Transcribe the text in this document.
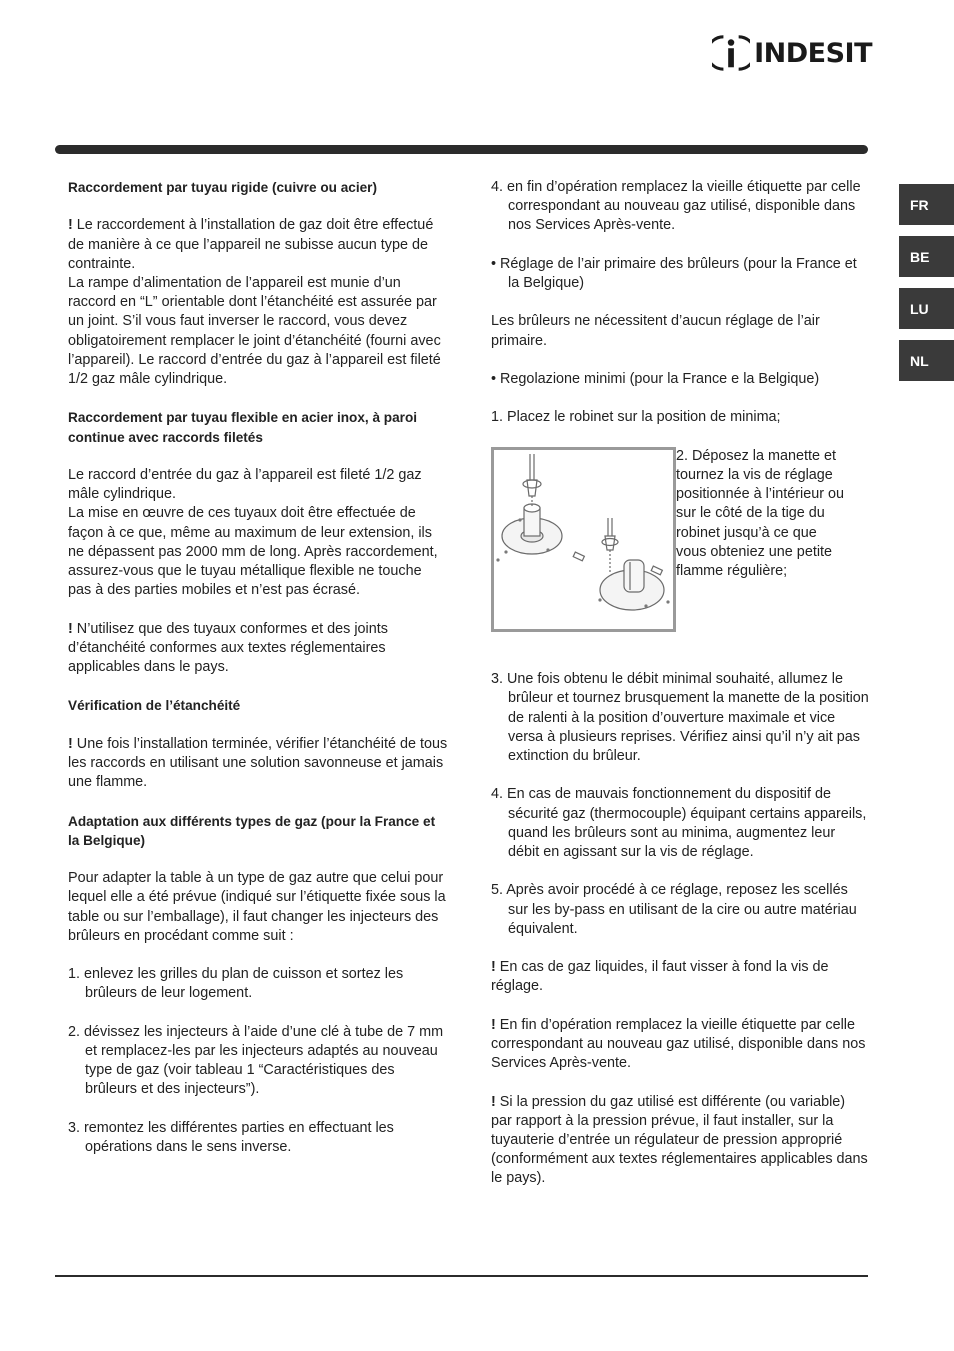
INDESIT
FR
BE
LU
NL

Raccordement par tuyau rigide (cuivre ou acier)

! Le raccordement à l’installation de gaz doit être effectué de manière à ce que l’appareil ne subisse aucun type de contrainte.

La rampe d’alimentation de l’appareil est munie d’un raccord en “L” orientable dont l’étanchéité est assurée par un joint. S’il vous faut inverser le raccord, vous devez obligatoirement remplacer le joint d’étanchéité (fourni avec l’appareil). Le raccord d’entrée du gaz à l’appareil est fileté 1/2 gaz mâle cylindrique.

Raccordement par tuyau flexible en acier inox, à paroi continue avec raccords filetés

Le raccord d’entrée du gaz à l’appareil est fileté 1/2 gaz mâle cylindrique.

La mise en œuvre de ces tuyaux doit être effectuée de façon à ce que, même au maximum de leur extension, ils ne dépassent pas 2000 mm de long. Après raccordement, assurez-vous que le tuyau métallique flexible ne touche pas à des parties mobiles et n’est pas écrasé.

! N’utilisez que des tuyaux conformes et des joints d’étanchéité conformes aux textes réglementaires applicables dans le pays.

Vérification de l’étanchéité

! Une fois l’installation terminée, vérifier l’étanchéité de tous les raccords en utilisant une solution savonneuse et jamais une flamme.

Adaptation aux différents types de gaz (pour la France et la Belgique)

Pour adapter la table à un type de gaz autre que celui pour lequel elle a été prévue (indiqué sur l’étiquette fixée sous la table ou sur l’emballage), il faut changer les injecteurs des brûleurs en procédant comme suit :

1. enlevez les grilles du plan de cuisson et sortez les brûleurs de leur logement.

2. dévissez les injecteurs à l’aide d’une clé à tube de 7 mm et remplacez-les par les injecteurs adaptés au nouveau type de gaz (voir tableau 1 “Caractéristiques des brûleurs et des injecteurs”).

3. remontez les différentes parties en effectuant les opérations dans le sens inverse.

4. en fin d’opération remplacez la vieille étiquette par celle correspondant au nouveau gaz utilisé, disponible dans nos Services Après-vente.

• Réglage de l’air primaire des brûleurs (pour la France et la Belgique)

Les brûleurs ne nécessitent d’aucun réglage de l’air primaire.

• Regolazione minimi (pour la France e la Belgique)

1. Placez le robinet sur la position de minima;

2. Déposez la manette et tournez la vis de réglage positionnée à l’intérieur ou sur le côté de la tige du robinet jusqu’à ce que vous obteniez une petite flamme régulière;

3. Une fois obtenu le débit minimal souhaité, allumez le brûleur et tournez brusquement la manette de la position de ralenti à la position d’ouverture maximale et vice versa à plusieurs reprises. Vérifiez ainsi qu’il n’y ait pas extinction du brûleur.

4. En cas de mauvais fonctionnement du dispositif de sécurité gaz (thermocouple) équipant certains appareils, quand les brûleurs sont au minima, augmentez leur débit en agissant sur la vis de réglage.

5. Après avoir procédé à ce réglage, reposez les scellés sur les by-pass en utilisant de la cire ou autre matériau équivalent.

! En cas de gaz liquides, il faut visser à fond la vis de réglage.

! En fin d’opération remplacez la vieille étiquette par celle correspondant au nouveau gaz utilisé, disponible dans nos Services Après-vente.

! Si la pression du gaz utilisé est différente (ou variable) par rapport à la pression prévue, il faut installer, sur la tuyauterie d’entrée un régulateur de pression approprié (conformément aux textes réglementaires applicables dans le pays).
